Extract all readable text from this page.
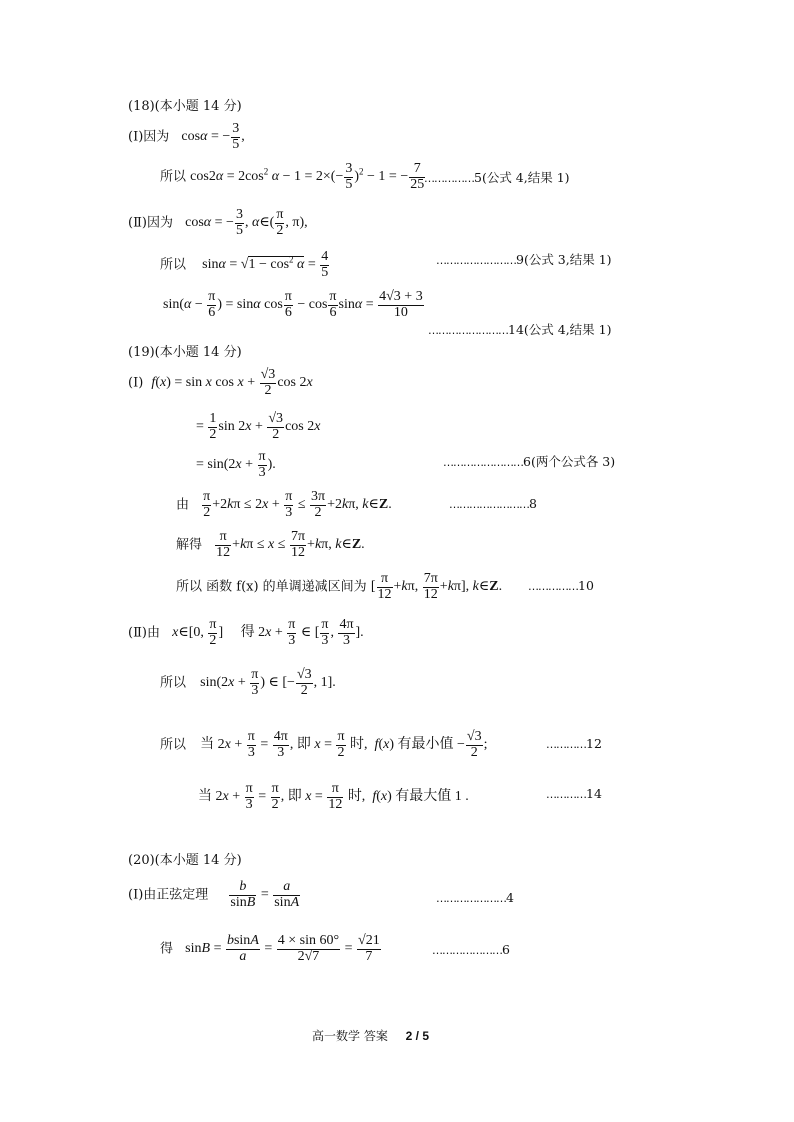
(18)(本小题 14 分)
(Ⅰ)因为 cosα = − $\frac{3}{5}$ ,
所以 $\cos 2\alpha = 2\cos^2$ $\alpha - 1 = 2\times(- \frac{3}{5} )^2 - 1$ = − $\frac{7}{25}$
……………5(公式 4,结果 1)
(Ⅱ)因为 cosα = − $\frac{3}{5}$ , α∈( $\frac{\pi}{2}$ , π),
所以 $\sin\alpha = √1 - \cos^2 \alpha = \frac{4}{5}$	……………………9(公式 3,结果 1)
$\sin(\alpha - \frac{\pi}{6}$ ) = sinα $\cos \frac{\pi}{6} - \cos \frac{\pi}{6}$ $\sin\alpha = \frac{4√3 + 3}{10}$
……………………14(公式 4,结果 1)
(19)(本小题 14 分)
(Ⅰ) f(x) = sin x $\cos x + \frac{√3}{2}$ cos 2x
= $\frac{1}{2}$ $\sin 2x + \frac{√3}{2}$ cos 2x
= $\sin(2x + \frac{\pi}{3}$ ).	……………………6(两个公式各 3)
由 $\frac{\pi}{2} +2k\pi \le 2x + \frac{\pi}{3} \le \frac{3\pi}{2} +2k\pi$, k∈Z.	……………………8
解得 $\frac{\pi}{12} +k\pi \le x \le \frac{7\pi}{12} +k\pi$, k∈Z.
所以 函数 f(x) 的单调递减区间为 [ $\frac{\pi}{12} +k\pi$, $\frac{7\pi}{12} +k\pi$], k∈Z. ……………10
(Ⅱ)由 x∈[0, $\frac{\pi}{2}$ ]     得 $2x + \frac{\pi}{3}$ ∈ [ $\frac{\pi}{3}$ , $\frac{4\pi}{3}$ ].
所以 $\sin(2x + \frac{\pi}{3}$ ) ∈ [− $\frac{√3}{2}$ , 1].
所以 当 $2x + \frac{\pi}{3} = \frac{4\pi}{3}$ , 即 $x = \frac{\pi}{2}$ 时,  f(x) 有最小值 − $\frac{√3}{2}$ ;	…………12
当 $2x + \frac{\pi}{3} = \frac{\pi}{2}$ , 即 $x = \frac{\pi}{12}$ 时,  f(x) 有最大值 1 .	…………14
(20)(本小题 14 分)
(Ⅰ)由正弦定理 $\frac{b}{\sin B} = \frac{a}{\sin A}$	…………………4
得 $\sin B = \frac{bsinA}{a} = \frac{4 \times \sin 60^\circ}{2√7} = \frac{√21}{7}$	…………………6
高一数学 答案 2 / 5
